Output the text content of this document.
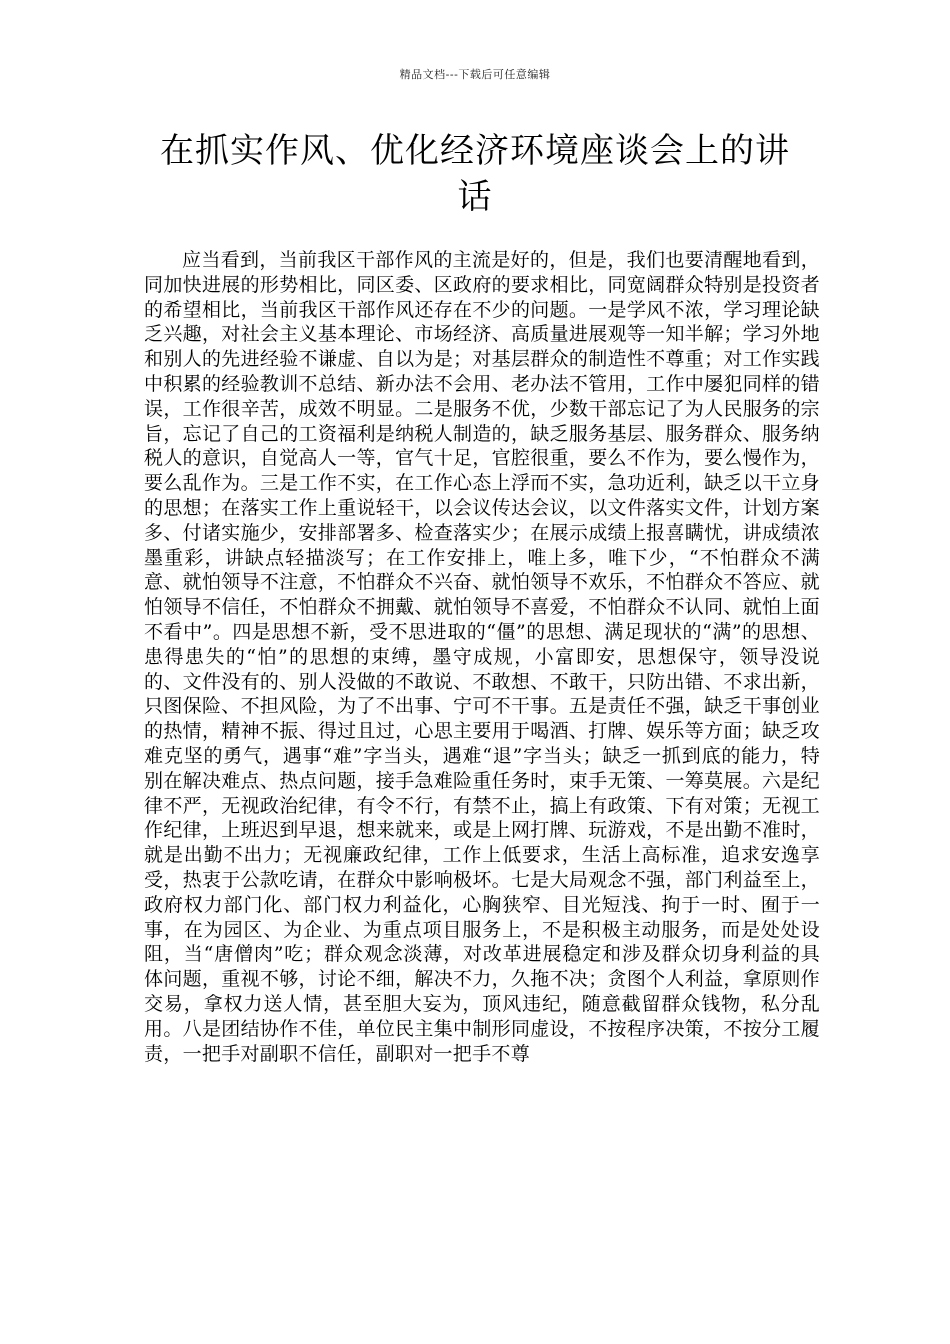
精品文档---下载后可任意编辑
在抓实作风、优化经济环境座谈会上的讲话

应当看到，当前我区干部作风的主流是好的，但是，我们也要清醒地看到，同加快进展的形势相比，同区委、区政府的要求相比，同宽阔群众特别是投资者的希望相比，当前我区干部作风还存在不少的问题。一是学风不浓，学习理论缺乏兴趣，对社会主义基本理论、市场经济、高质量进展观等一知半解；学习外地和别人的先进经验不谦虚、自以为是；对基层群众的制造性不尊重；对工作实践中积累的经验教训不总结、新办法不会用、老办法不管用，工作中屡犯同样的错误，工作很辛苦，成效不明显。二是服务不优，少数干部忘记了为人民服务的宗旨，忘记了自己的工资福利是纳税人制造的，缺乏服务基层、服务群众、服务纳税人的意识，自觉高人一等，官气十足，官腔很重，要么不作为，要么慢作为，要么乱作为。三是工作不实，在工作心态上浮而不实，急功近利，缺乏以干立身的思想；在落实工作上重说轻干，以会议传达会议，以文件落实文件，计划方案多、付诸实施少，安排部署多、检查落实少；在展示成绩上报喜瞒忧，讲成绩浓墨重彩，讲缺点轻描淡写；在工作安排上，唯上多，唯下少，“不怕群众不满意、就怕领导不注意，不怕群众不兴奋、就怕领导不欢乐，不怕群众不答应、就怕领导不信任，不怕群众不拥戴、就怕领导不喜爱，不怕群众不认同、就怕上面不看中”。四是思想不新，受不思进取的“僵”的思想、满足现状的“满”的思想、患得患失的“怕”的思想的束缚，墨守成规，小富即安，思想保守，领导没说的、文件没有的、别人没做的不敢说、不敢想、不敢干，只防出错、不求出新，只图保险、不担风险，为了不出事、宁可不干事。五是责任不强，缺乏干事创业的热情，精神不振、得过且过，心思主要用于喝酒、打牌、娱乐等方面；缺乏攻难克坚的勇气，遇事“难”字当头，遇难“退”字当头；缺乏一抓到底的能力，特别在解决难点、热点问题，接手急难险重任务时，束手无策、一筹莫展。六是纪律不严，无视政治纪律，有令不行，有禁不止，搞上有政策、下有对策；无视工作纪律，上班迟到早退，想来就来，或是上网打牌、玩游戏，不是出勤不准时，就是出勤不出力；无视廉政纪律，工作上低要求，生活上高标准，追求安逸享受，热衷于公款吃请，在群众中影响极坏。七是大局观念不强，部门利益至上，政府权力部门化、部门权力利益化，心胸狭窄、目光短浅、拘于一时、囿于一事，在为园区、为企业、为重点项目服务上，不是积极主动服务，而是处处设阻，当“唐僧肉”吃；群众观念淡薄，对改革进展稳定和涉及群众切身利益的具体问题，重视不够，讨论不细，解决不力，久拖不决；贪图个人利益，拿原则作交易，拿权力送人情，甚至胆大妄为，顶风违纪，随意截留群众钱物，私分乱用。八是团结协作不佳，单位民主集中制形同虚设，不按程序决策，不按分工履责，一把手对副职不信任，副职对一把手不尊
